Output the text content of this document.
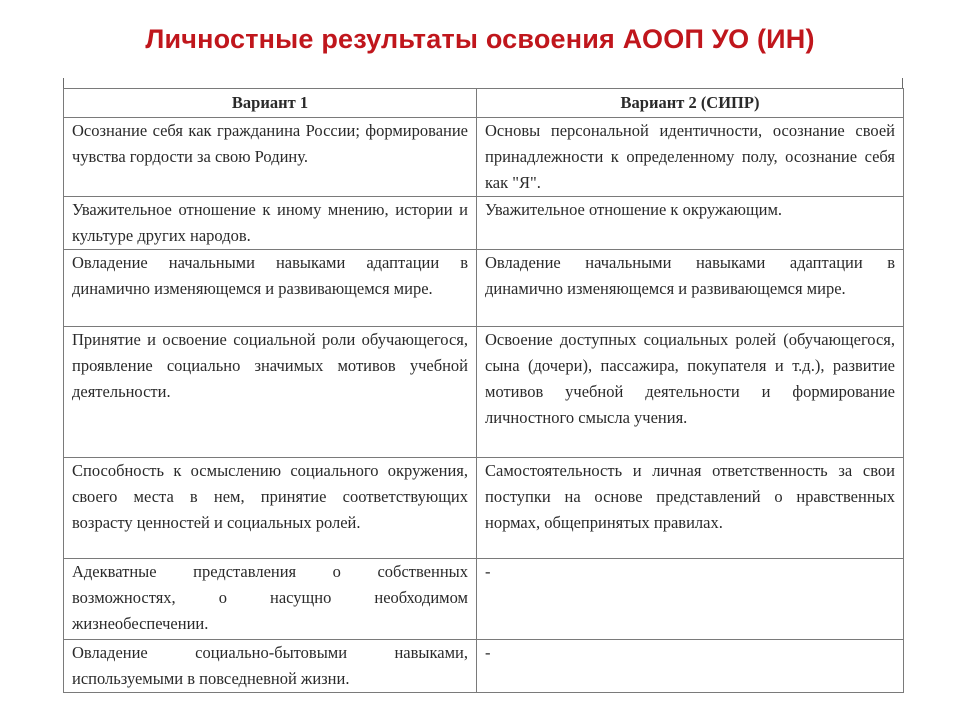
Личностные результаты освоения АООП УО (ИН)
Вариант 1	Вариант 2 (СИПР)
Осознание себя как гражданина России; формирование чувства гордости за свою Родину.	Основы персональной идентичности, осознание своей принадлежности к определенному полу, осознание себя как "Я".
Уважительное отношение к иному мнению, истории и культуре других народов.	Уважительное отношение к окружающим.
Овладение начальными навыками адаптации в динамично изменяющемся и развивающемся мире.	Овладение начальными навыками адаптации в динамично изменяющемся и развивающемся мире.
Принятие и освоение социальной роли обучающегося, проявление социально значимых мотивов учебной деятельности.	Освоение доступных социальных ролей (обучающегося, сына (дочери), пассажира, покупателя и т.д.), развитие мотивов учебной деятельности и формирование личностного смысла учения.
Способность к осмыслению социального окружения, своего места в нем, принятие соответствующих возрасту ценностей и социальных ролей.	Самостоятельность и личная ответственность за свои поступки на основе представлений о нравственных нормах, общепринятых правилах.
Адекватные представления о собственных возможностях, о насущно необходимом жизнеобеспечении.	-
Овладение социально-бытовыми навыками, используемыми в повседневной жизни.	-
